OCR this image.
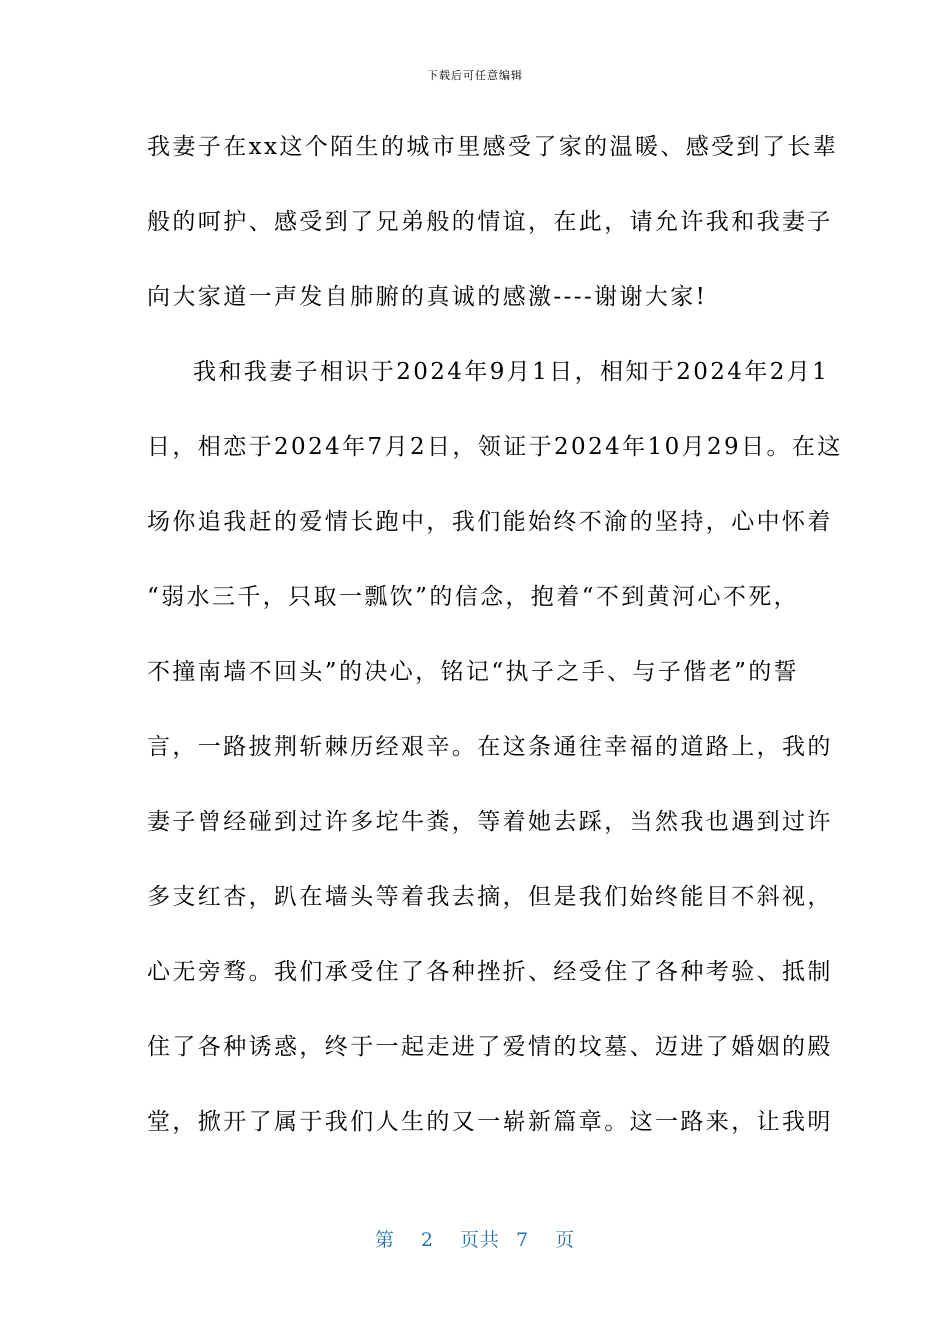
下载后可任意编辑
我妻子在xx这个陌生的城市里感受了家的温暖、感受到了长辈
般的呵护、感受到了兄弟般的情谊，在此，请允许我和我妻子
向大家道一声发自肺腑的真诚的感激----谢谢大家!
我和我妻子相识于2024年9月1日，相知于2024年2月1
日，相恋于2024年7月2日，领证于2024年10月29日。在这
场你追我赶的爱情长跑中，我们能始终不渝的坚持，心中怀着
“弱水三千，只取一瓢饮”的信念，抱着“不到黄河心不死，
不撞南墙不回头”的决心，铭记“执子之手、与子偕老”的誓
言，一路披荆斩棘历经艰辛。在这条通往幸福的道路上，我的
妻子曾经碰到过许多坨牛粪，等着她去踩，当然我也遇到过许
多支红杏，趴在墙头等着我去摘，但是我们始终能目不斜视，
心无旁骛。我们承受住了各种挫折、经受住了各种考验、抵制
住了各种诱惑，终于一起走进了爱情的坟墓、迈进了婚姻的殿
堂，掀开了属于我们人生的又一崭新篇章。这一路来，让我明
第 2 页共 7 页
